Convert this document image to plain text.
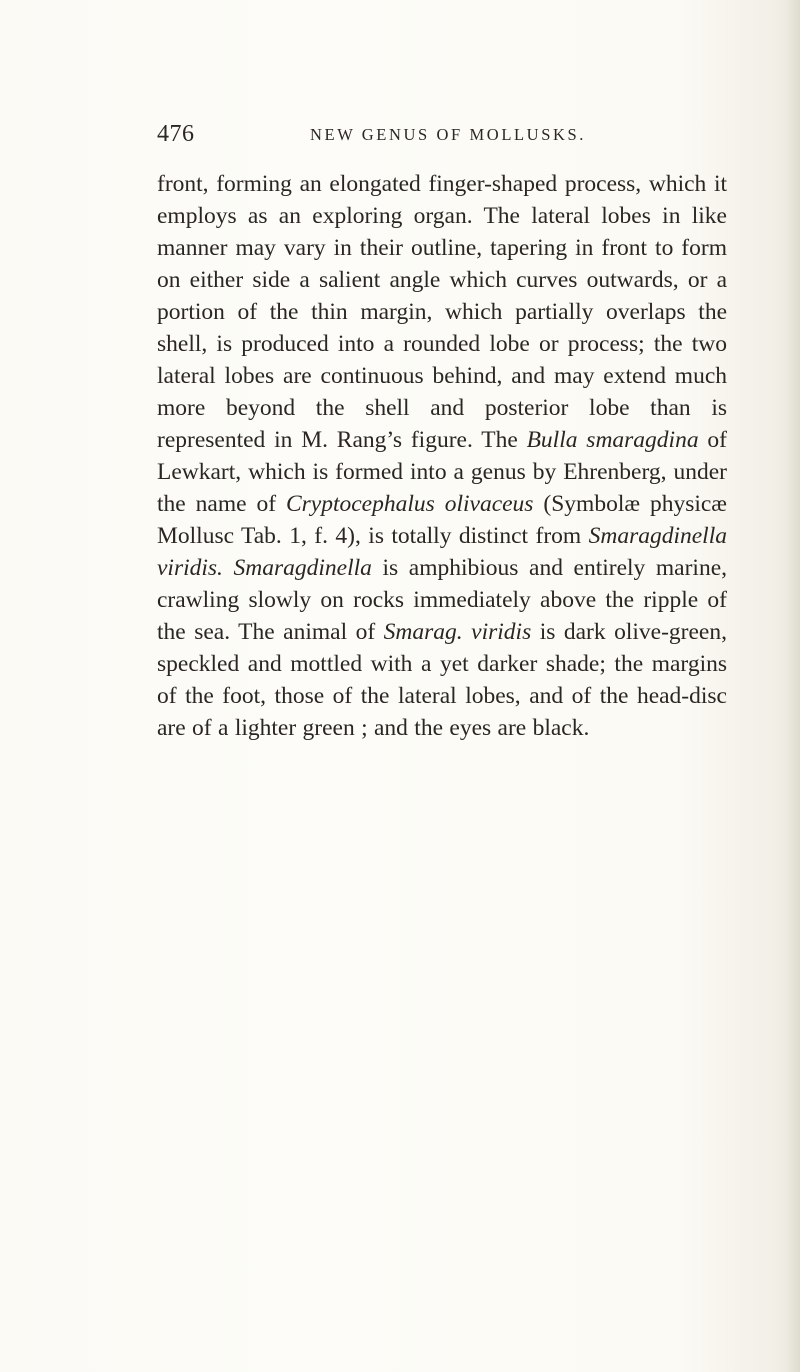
476	NEW GENUS OF MOLLUSKS.

front, forming an elongated finger-shaped process, which it employs as an exploring organ. The lateral lobes in like manner may vary in their outline, tapering in front to form on either side a salient angle which curves outwards, or a portion of the thin margin, which partially overlaps the shell, is produced into a rounded lobe or process; the two lateral lobes are continuous behind, and may extend much more beyond the shell and posterior lobe than is represented in M. Rang’s figure. The Bulla smaragdina of Lewkart, which is formed into a genus by Ehrenberg, under the name of Cryptocephalus olivaceus (Symbolæ physicæ Mollusc Tab. 1, f. 4), is totally distinct from Smaragdinella viridis. Smaragdinella is amphibious and entirely marine, crawling slowly on rocks immediately above the ripple of the sea. The animal of Smarag. viridis is dark olive-green, speckled and mottled with a yet darker shade; the margins of the foot, those of the lateral lobes, and of the head-disc are of a lighter green ; and the eyes are black.
